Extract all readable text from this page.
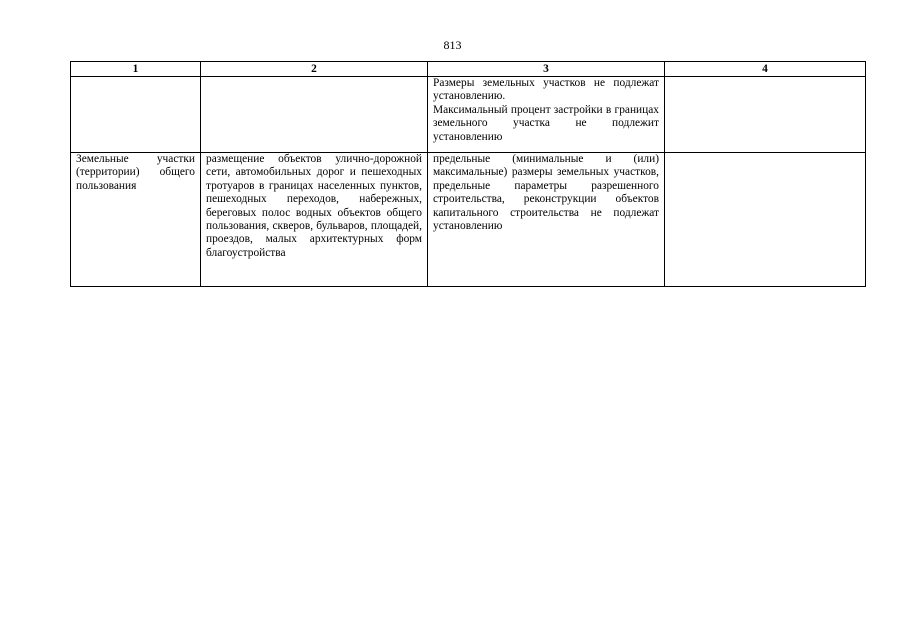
813
1	2	3	4

		Размеры земельных участков не подлежат установлению.

Максимальный процент застройки в границах земельного участка не подлежит установлению	

Земельные участки (территории) общего пользования	размещение объектов улично-дорожной сети, автомобильных дорог и пешеходных тротуаров в границах населенных пунктов, пешеходных переходов, набережных, береговых полос водных объектов общего пользования, скверов, бульваров, площадей, проездов, малых архитектурных форм благоустройства	предельные (минимальные и (или) максимальные) размеры земельных участков, предельные параметры разрешенного строительства, реконструкции объектов капитального строительства не подлежат установлению	
